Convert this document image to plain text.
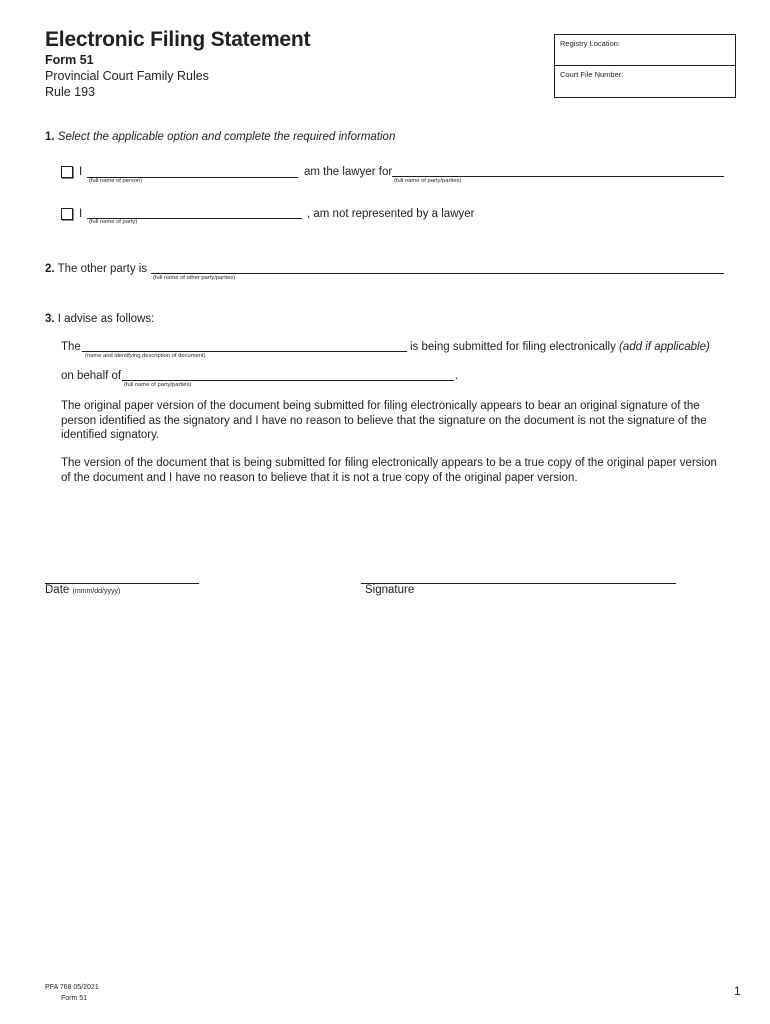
Electronic Filing Statement
Form 51
Provincial Court Family Rules
Rule 193
Registry Location:
Court File Number:
1. Select the applicable option and complete the required information
I
(full name of person)
am the lawyer for
(full name of party/parties)
I
(full name of party)
, am not represented by a lawyer
2. The other party is
(full name of other party/parties)
3. I advise as follows:
The
(name and identifying description of document)
is being submitted for filing electronically (add if applicable)
on behalf of
(full name of party/parties)
.
The original paper version of the document being submitted for filing electronically appears to bear an original signature of the person identified as the signatory and I have no reason to believe that the signature on the document is not the signature of the identified signatory.
The version of the document that is being submitted for filing electronically appears to be a true copy of the original paper version of the document and I have no reason to believe that it is not a true copy of the original paper version.
Date (mmm/dd/yyyy)	Signature
PFA 768 05/2021
Form 51
1
